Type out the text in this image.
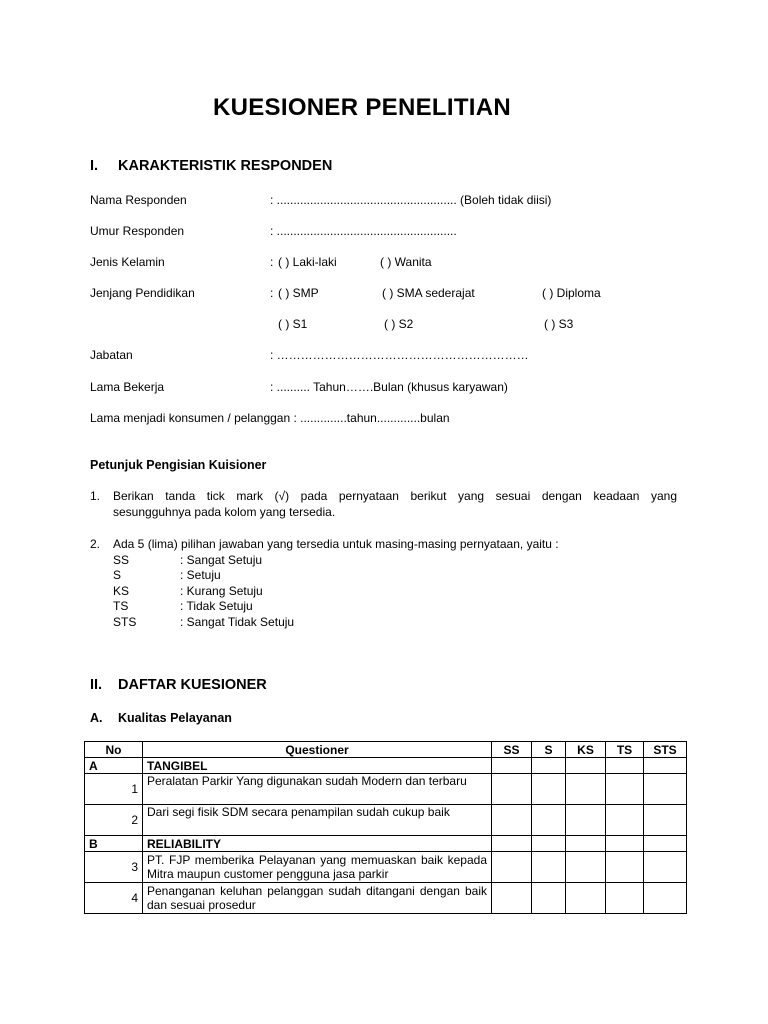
KUESIONER PENELITIAN
I. KARAKTERISTIK RESPONDEN
Nama Responden	: ...................................................... (Boleh tidak diisi)
Umur Responden	: ......................................................
Jenis Kelamin	: ( ) Laki-laki	( ) Wanita
Jenjang Pendidikan	: ( ) SMP	( ) SMA sederajat	( ) Diploma
( ) S1	( ) S2	( ) S3
Jabatan	: ………………………………………………………
Lama Bekerja	: .......... Tahun…….Bulan (khusus karyawan)
Lama menjadi konsumen / pelanggan : ..............tahun.............bulan
Petunjuk Pengisian Kuisioner
1. Berikan tanda tick mark (√) pada pernyataan berikut yang sesuai dengan keadaan yang
sesungguhnya pada kolom yang tersedia.
2. Ada 5 (lima) pilihan jawaban yang tersedia untuk masing-masing pernyataan, yaitu :
SS	: Sangat Setuju
S	: Setuju
KS	: Kurang Setuju
TS	: Tidak Setuju
STS	: Sangat Tidak Setuju
II. DAFTAR KUESIONER
A. Kualitas Pelayanan
No	Questioner	SS	S	KS	TS	STS
A	TANGIBEL					
1	Peralatan Parkir Yang digunakan sudah Modern dan terbaru					
2	Dari segi fisik SDM secara penampilan sudah cukup baik					
B	RELIABILITY					
3	PT. FJP memberika Pelayanan yang memuaskan baik kepada Mitra maupun customer pengguna jasa parkir					
4	Penanganan keluhan pelanggan sudah ditangani dengan baik dan sesuai prosedur					
